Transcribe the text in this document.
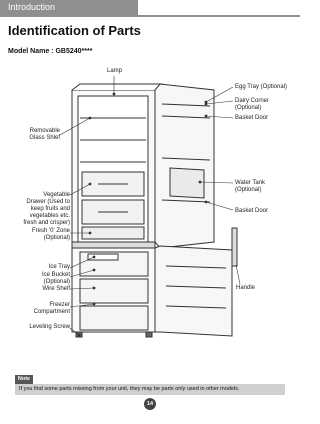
Introduction
Identification of Parts
Model Name : GB5240****
Lamp
Egg Tray (Optional)
Dairy Corner
(Optional)
Basket Door
Removable
Glass Shlef
Vegetable
Drawer (Used to
keep fruits and
vegetables etc.
fresh and crisper)
Fresh '0' Zone
(Optional)
Water Tank
(Optional)
Basket Door
Ice Tray
Ice Bucket
(Optional)
Wire Shelf	Handle
Freezer
Compartment
Leveling Screw
Note
If you find some parts missing from your unit, they may be parts only used in other models.
14
